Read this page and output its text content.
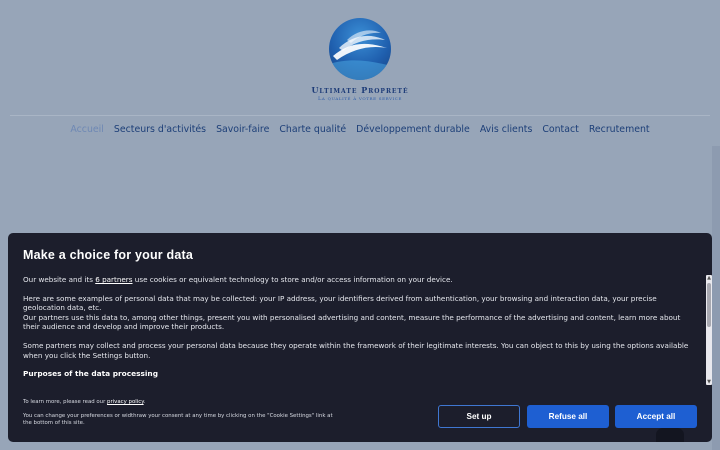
Ultimate Propreté
La qualité à votre service
Accueil Secteurs d'activités Savoir-faire Charte qualité Développement durable Avis clients Contact Recrutement
Make a choice for your data

Our website and its 6 partners use cookies or equivalent technology to store and/or access information on your device.

Here are some examples of personal data that may be collected: your IP address, your identifiers derived from authentication, your browsing and interaction data, your precise geolocation data, etc.

Our partners use this data to, among other things, present you with personalised advertising and content, measure the performance of the advertising and content, learn more about their audience and develop and improve their products.

Some partners may collect and process your personal data because they operate within the framework of their legitimate interests. You can object to this by using the options available when you click the Settings button.

Purposes of the data processing

▲
▼
To learn more, please read our privacy policy.
You can change your preferences or widthraw your consent at any time by clicking on the "Cookie Settings" link at the bottom of this site.
Set up	Refuse all	Accept all
